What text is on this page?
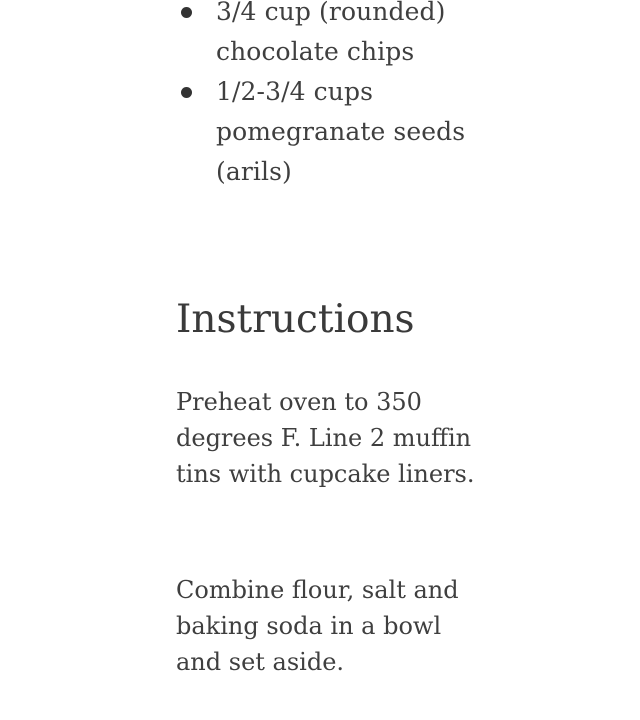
3/4 cup (rounded) chocolate chips
1/2-3/4 cups pomegranate seeds (arils)
Instructions

Preheat oven to 350 degrees F. Line 2 muffin tins with cupcake liners.

Combine flour, salt and baking soda in a bowl and set aside.
